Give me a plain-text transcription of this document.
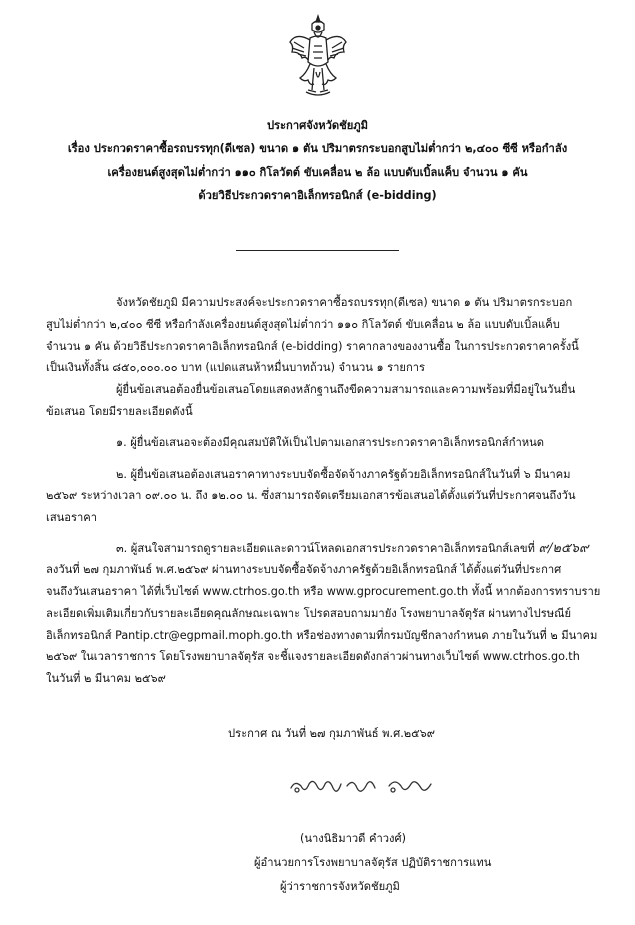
ประกาศจังหวัดชัยภูมิ
เรื่อง ประกวดราคาซื้อรถบรรทุก(ดีเซล) ขนาด ๑ ตัน ปริมาตรกระบอกสูบไม่ต่ำกว่า ๒,๔๐๐ ซีซี หรือกำลัง
เครื่องยนต์สูงสุดไม่ต่ำกว่า ๑๑๐ กิโลวัตต์ ขับเคลื่อน ๒ ล้อ แบบดับเบิ้ลแค็บ จำนวน ๑ คัน
ด้วยวิธีประกวดราคาอิเล็กทรอนิกส์ (e-bidding)
จังหวัดชัยภูมิ มีความประสงค์จะประกวดราคาซื้อรถบรรทุก(ดีเซล) ขนาด ๑ ตัน ปริมาตรกระบอก
สูบไม่ต่ำกว่า ๒,๔๐๐ ซีซี หรือกำลังเครื่องยนต์สูงสุดไม่ต่ำกว่า ๑๑๐ กิโลวัตต์ ขับเคลื่อน ๒ ล้อ แบบดับเบิ้ลแค็บ
จำนวน ๑ คัน ด้วยวิธีประกวดราคาอิเล็กทรอนิกส์ (e-bidding) ราคากลางของงานซื้อ ในการประกวดราคาครั้งนี้
เป็นเงินทั้งสิ้น ๘๕๐,๐๐๐.๐๐ บาท (แปดแสนห้าหมื่นบาทถ้วน) จำนวน ๑ รายการ
ผู้ยื่นข้อเสนอต้องยื่นข้อเสนอโดยแสดงหลักฐานถึงขีดความสามารถและความพร้อมที่มีอยู่ในวันยื่น
ข้อเสนอ โดยมีรายละเอียดดังนี้
๑. ผู้ยื่นข้อเสนอจะต้องมีคุณสมบัติให้เป็นไปตามเอกสารประกวดราคาอิเล็กทรอนิกส์กำหนด
๒. ผู้ยื่นข้อเสนอต้องเสนอราคาทางระบบจัดซื้อจัดจ้างภาครัฐด้วยอิเล็กทรอนิกส์ในวันที่ ๖ มีนาคม
๒๕๖๙ ระหว่างเวลา ๐๙.๐๐ น. ถึง ๑๒.๐๐ น. ซึ่งสามารถจัดเตรียมเอกสารข้อเสนอได้ตั้งแต่วันที่ประกาศจนถึงวัน
เสนอราคา
๓. ผู้สนใจสามารถดูรายละเอียดและดาวน์โหลดเอกสารประกวดราคาอิเล็กทรอนิกส์เลขที่ ๙/๒๕๖๙
ลงวันที่ ๒๗ กุมภาพันธ์ พ.ศ.๒๕๖๙ ผ่านทางระบบจัดซื้อจัดจ้างภาครัฐด้วยอิเล็กทรอนิกส์ ได้ตั้งแต่วันที่ประกาศ
จนถึงวันเสนอราคา ได้ที่เว็บไซต์ www.ctrhos.go.th หรือ www.gprocurement.go.th ทั้งนี้ หากต้องการทราบราย
ละเอียดเพิ่มเติมเกี่ยวกับรายละเอียดคุณลักษณะเฉพาะ โปรดสอบถามมายัง โรงพยาบาลจัตุรัส ผ่านทางไปรษณีย์
อิเล็กทรอนิกส์ Pantip.ctr@egpmail.moph.go.th หรือช่องทางตามที่กรมบัญชีกลางกำหนด ภายในวันที่ ๒ มีนาคม
๒๕๖๙ ในเวลาราชการ โดยโรงพยาบาลจัตุรัส จะชี้แจงรายละเอียดดังกล่าวผ่านทางเว็บไซต์ www.ctrhos.go.th
ในวันที่ ๒ มีนาคม ๒๕๖๙
ประกาศ ณ วันที่ ๒๗ กุมภาพันธ์ พ.ศ.๒๕๖๙
(นางนิธิมาวดี คำวงศ์)
ผู้อำนวยการโรงพยาบาลจัตุรัส ปฏิบัติราชการแทน
ผู้ว่าราชการจังหวัดชัยภูมิ
